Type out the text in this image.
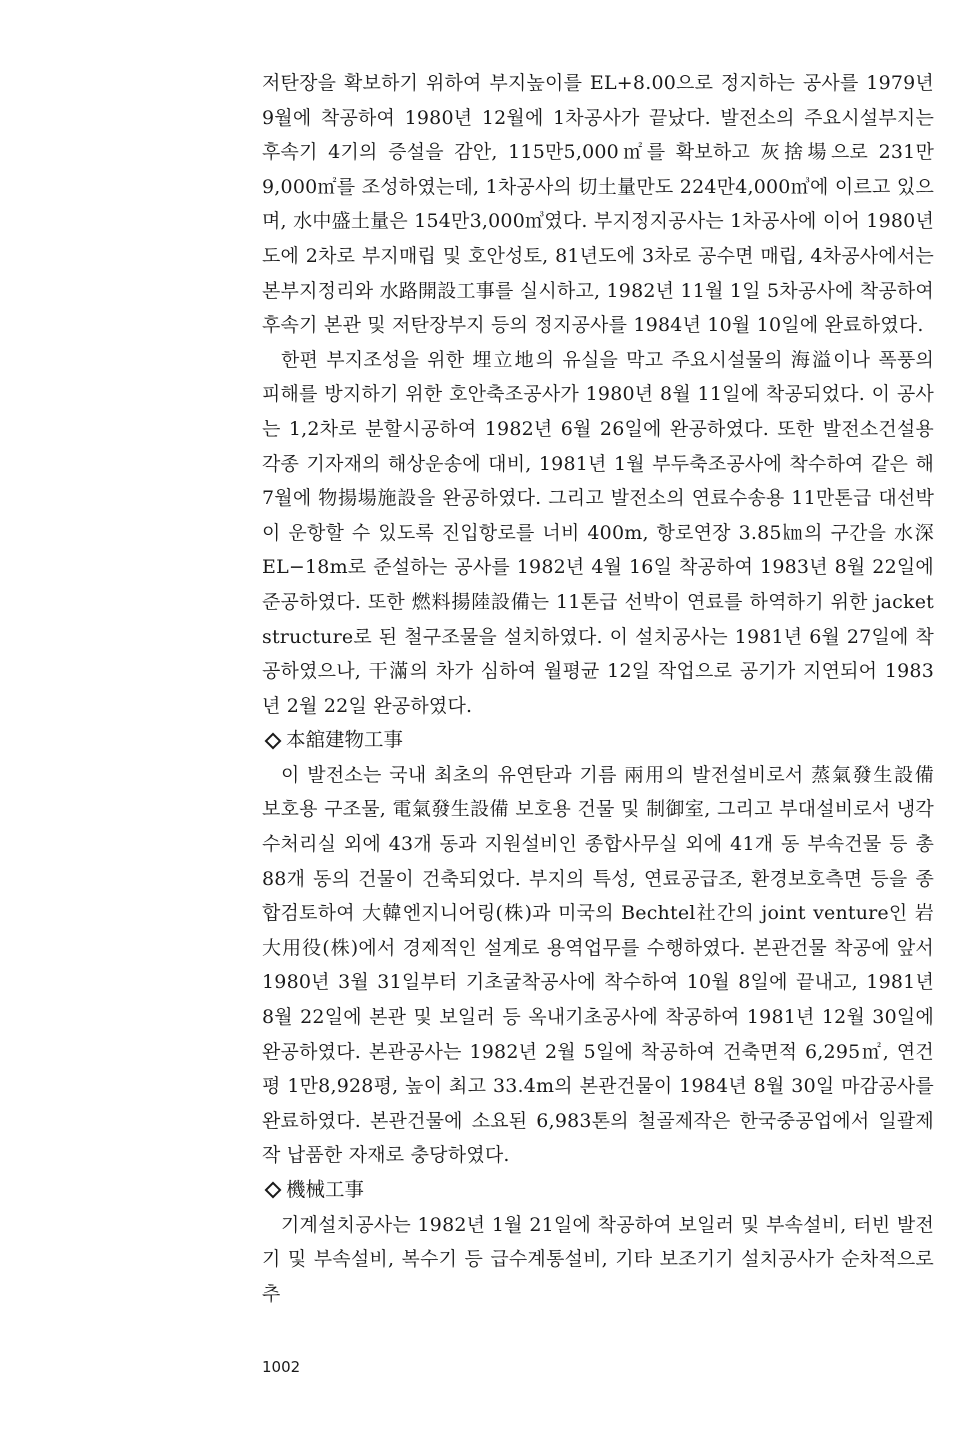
저탄장을 확보하기 위하여 부지높이를 EL+8.00으로 정지하는 공사를 1979년 9월에 착공하여 1980년 12월에 1차공사가 끝났다. 발전소의 주요시설부지는 후속기 4기의 증설을 감안, 115만5,000㎡를 확보하고 灰捨場으로 231만9,000㎡를 조성하였는데, 1차공사의 切土量만도 224만4,000㎥에 이르고 있으며, 水中盛土量은 154만3,000㎥였다. 부지정지공사는 1차공사에 이어 1980년도에 2차로 부지매립 및 호안성토, 81년도에 3차로 공수면 매립, 4차공사에서는 본부지정리와 水路開設工事를 실시하고, 1982년 11월 1일 5차공사에 착공하여 후속기 본관 및 저탄장부지 등의 정지공사를 1984년 10월 10일에 완료하였다.

한편 부지조성을 위한 埋立地의 유실을 막고 주요시설물의 海溢이나 폭풍의 피해를 방지하기 위한 호안축조공사가 1980년 8월 11일에 착공되었다. 이 공사는 1,2차로 분할시공하여 1982년 6월 26일에 완공하였다. 또한 발전소건설용 각종 기자재의 해상운송에 대비, 1981년 1월 부두축조공사에 착수하여 같은 해 7월에 物揚場施設을 완공하였다. 그리고 발전소의 연료수송용 11만톤급 대선박이 운항할 수 있도록 진입항로를 너비 400m, 항로연장 3.85㎞의 구간을 水深 EL−18m로 준설하는 공사를 1982년 4월 16일 착공하여 1983년 8월 22일에 준공하였다. 또한 燃料揚陸設備는 11톤급 선박이 연료를 하역하기 위한 jacket structure로 된 철구조물을 설치하였다. 이 설치공사는 1981년 6월 27일에 착공하였으나, 干滿의 차가 심하여 월평균 12일 작업으로 공기가 지연되어 1983년 2월 22일 완공하였다.

本舘建物工事

이 발전소는 국내 최초의 유연탄과 기름 兩用의 발전설비로서 蒸氣發生設備 보호용 구조물, 電氣發生設備 보호용 건물 및 制御室, 그리고 부대설비로서 냉각수처리실 외에 43개 동과 지원설비인 종합사무실 외에 41개 동 부속건물 등 총 88개 동의 건물이 건축되었다. 부지의 특성, 연료공급조, 환경보호측면 등을 종합검토하여 大韓엔지니어링(株)과 미국의 Bechtel社간의 joint venture인 岩大用役(株)에서 경제적인 설계로 용역업무를 수행하였다. 본관건물 착공에 앞서 1980년 3월 31일부터 기초굴착공사에 착수하여 10월 8일에 끝내고, 1981년 8월 22일에 본관 및 보일러 등 옥내기초공사에 착공하여 1981년 12월 30일에 완공하였다. 본관공사는 1982년 2월 5일에 착공하여 건축면적 6,295㎡, 연건평 1만8,928평, 높이 최고 33.4m의 본관건물이 1984년 8월 30일 마감공사를 완료하였다. 본관건물에 소요된 6,983톤의 철골제작은 한국중공업에서 일괄제작 납품한 자재로 충당하였다.

機械工事

기계설치공사는 1982년 1월 21일에 착공하여 보일러 및 부속설비, 터빈 발전기 및 부속설비, 복수기 등 급수계통설비, 기타 보조기기 설치공사가 순차적으로 추

1002
